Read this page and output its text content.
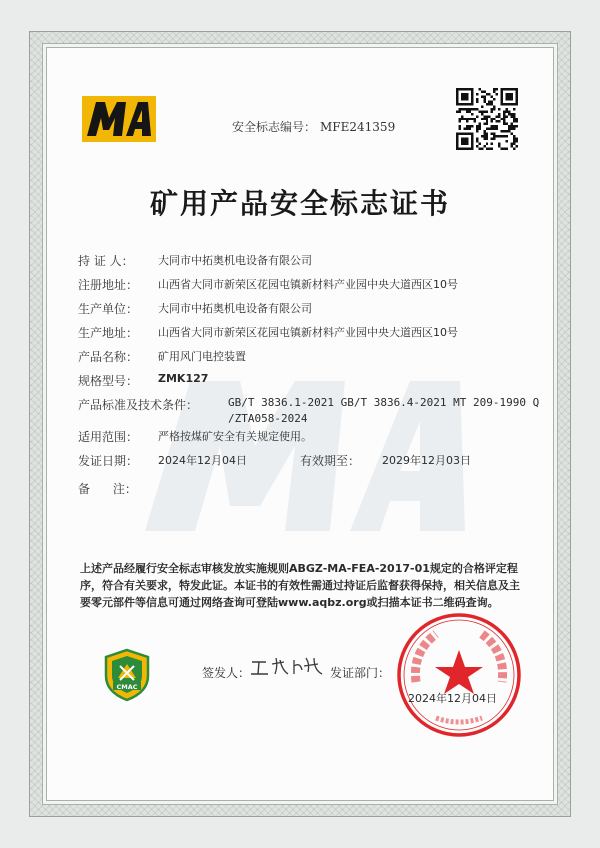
安全标志编号： MFE241359
矿用产品安全标志证书
持 证 人： 大同市中拓奥机电设备有限公司
注册地址： 山西省大同市新荣区花园屯镇新材料产业园中央大道西区10号
生产单位： 大同市中拓奥机电设备有限公司
生产地址： 山西省大同市新荣区花园屯镇新材料产业园中央大道西区10号
产品名称： 矿用风门电控装置
规格型号： ZMK127
产品标准及技术条件：	GB/T 3836.1-2021 GB/T 3836.4-2021 MT 209-1990 Q
/ZTA058-2024
适用范围： 严格按煤矿安全有关规定使用。
发证日期： 2024年12月04日	有效期至： 2029年12月03日
备      注：
上述产品经履行安全标志审核发放实施规则ABGZ-MA-FEA-2017-01规定的合格评定程序，符合有关要求，特发此证。本证书的有效性需通过持证后监督获得保持，相关信息及主要零元部件等信息可通过网络查询可登陆www.aqbz.org或扫描本证书二维码查询。
CMAC
签发人：	发证部门：
2024年12月04日
